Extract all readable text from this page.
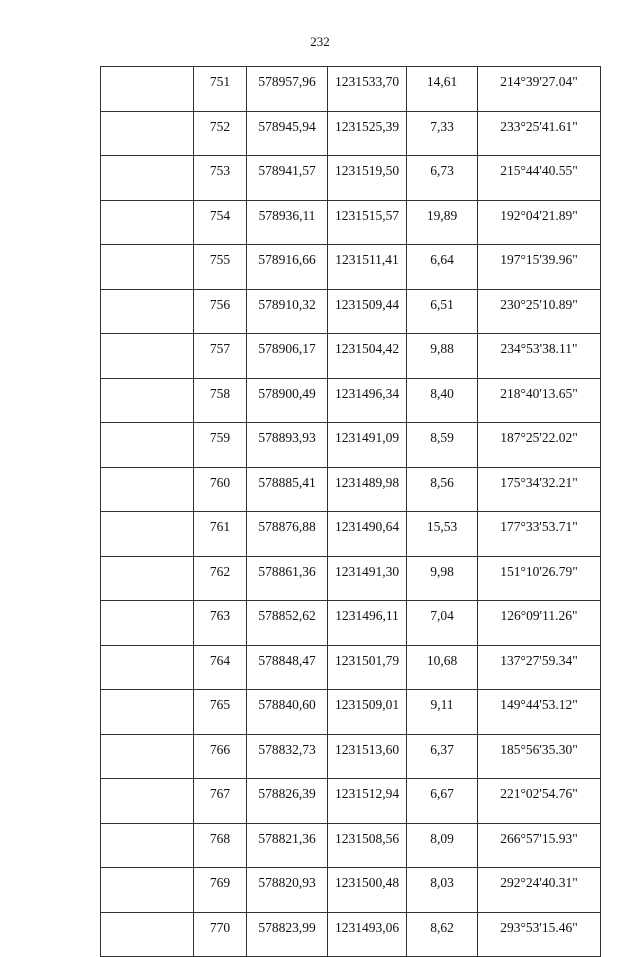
232
	751	578957,96	1231533,70	14,61	214°39'27.04"
	752	578945,94	1231525,39	7,33	233°25'41.61"
	753	578941,57	1231519,50	6,73	215°44'40.55"
	754	578936,11	1231515,57	19,89	192°04'21.89"
	755	578916,66	1231511,41	6,64	197°15'39.96"
	756	578910,32	1231509,44	6,51	230°25'10.89"
	757	578906,17	1231504,42	9,88	234°53'38.11"
	758	578900,49	1231496,34	8,40	218°40'13.65"
	759	578893,93	1231491,09	8,59	187°25'22.02"
	760	578885,41	1231489,98	8,56	175°34'32.21"
	761	578876,88	1231490,64	15,53	177°33'53.71"
	762	578861,36	1231491,30	9,98	151°10'26.79"
	763	578852,62	1231496,11	7,04	126°09'11.26"
	764	578848,47	1231501,79	10,68	137°27'59.34"
	765	578840,60	1231509,01	9,11	149°44'53.12"
	766	578832,73	1231513,60	6,37	185°56'35.30"
	767	578826,39	1231512,94	6,67	221°02'54.76"
	768	578821,36	1231508,56	8,09	266°57'15.93"
	769	578820,93	1231500,48	8,03	292°24'40.31"
	770	578823,99	1231493,06	8,62	293°53'15.46"
